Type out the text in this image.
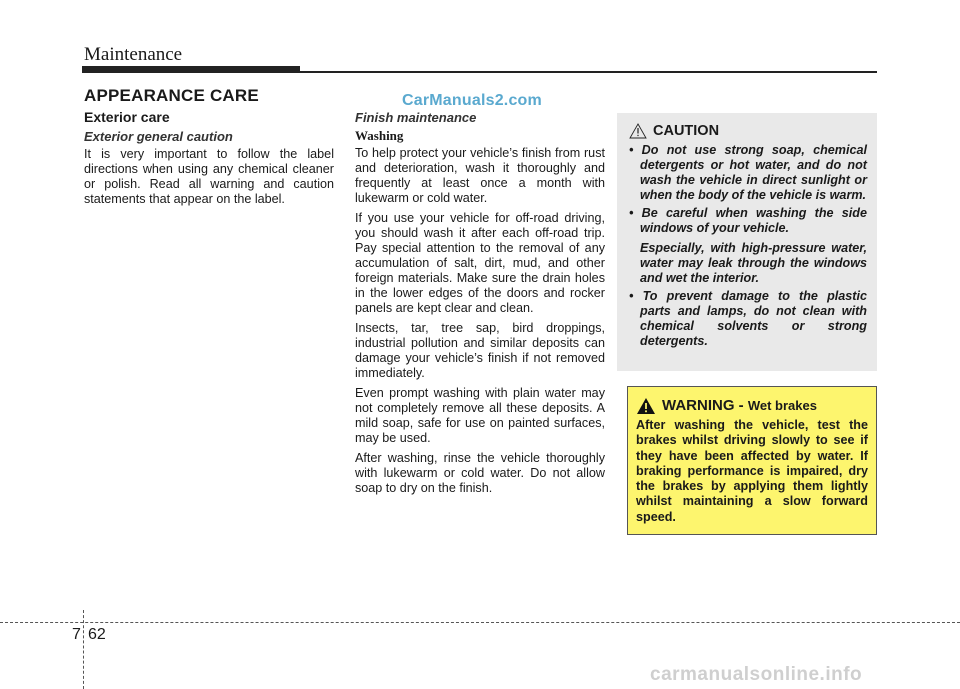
Maintenance
APPEARANCE CARE	CarManuals2.com
Exterior care
Exterior general caution

It is very important to follow the label directions when using any chemical cleaner or polish. Read all warning and caution statements that appear on the label.

Finish maintenance
Washing

To help protect your vehicle’s finish from rust and deterioration, wash it thoroughly and frequently at least once a month with lukewarm or cold water.

If you use your vehicle for off-road driving, you should wash it after each off-road trip. Pay special attention to the removal of any accumulation of salt, dirt, mud, and other foreign materials. Make sure the drain holes in the lower edges of the doors and rocker panels are kept clear and clean.

Insects, tar, tree sap, bird droppings, industrial pollution and similar deposits can damage your vehicle’s finish if not removed immediately.

Even prompt washing with plain water may not completely remove all these deposits. A mild soap, safe for use on painted surfaces, may be used.

After washing, rinse the vehicle thoroughly with lukewarm or cold water. Do not allow soap to dry on the finish.

CAUTION
• Do not use strong soap, chemical detergents or hot water, and do not wash the vehicle in direct sunlight or when the body of the vehicle is warm.
• Be careful when washing the side windows of your vehicle.
Especially, with high-pressure water, water may leak through the windows and wet the interior.
• To prevent damage to the plastic parts and lamps, do not clean with chemical solvents or strong detergents.
WARNING - Wet brakes

After washing the vehicle, test the brakes whilst driving slowly to see if they have been affected by water. If braking performance is impaired, dry the brakes by applying them lightly whilst maintaining a slow forward speed.

7 62
carmanualsonline.info
